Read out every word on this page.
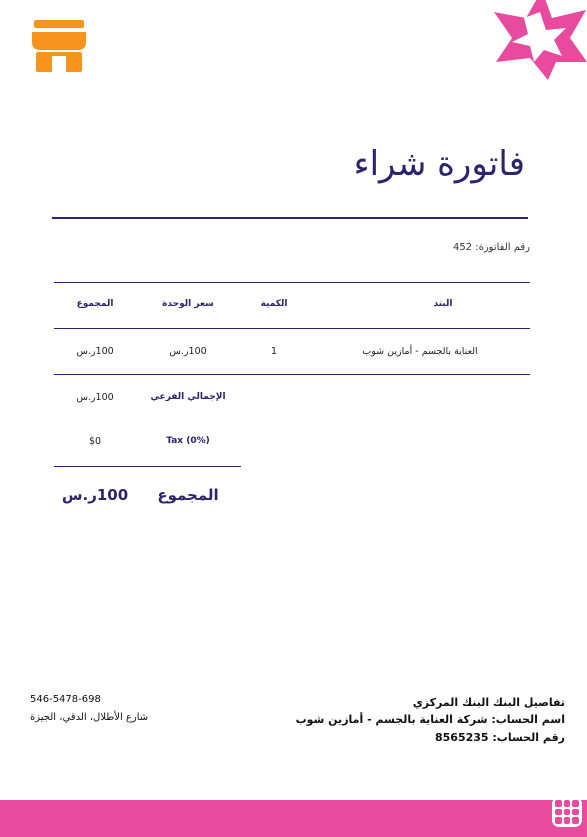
فاتورة شراء
رقم الفاتورة: 452
البند
الكمية
سعر الوحدة
المجموع
العناية بالجسم - أمازين شوب
1
100ر.س
100ر.س
الإجمالي الفرعي
100ر.س
Tax (0%)
$0
المجموع
100ر.س
546-5478-698
شارع الأطلال، الدقي، الجيزة
تفاصيل البنك البنك المركزي
اسم الحساب: شركة العناية بالجسم - أمازين شوب
رقم الحساب: 8565235
